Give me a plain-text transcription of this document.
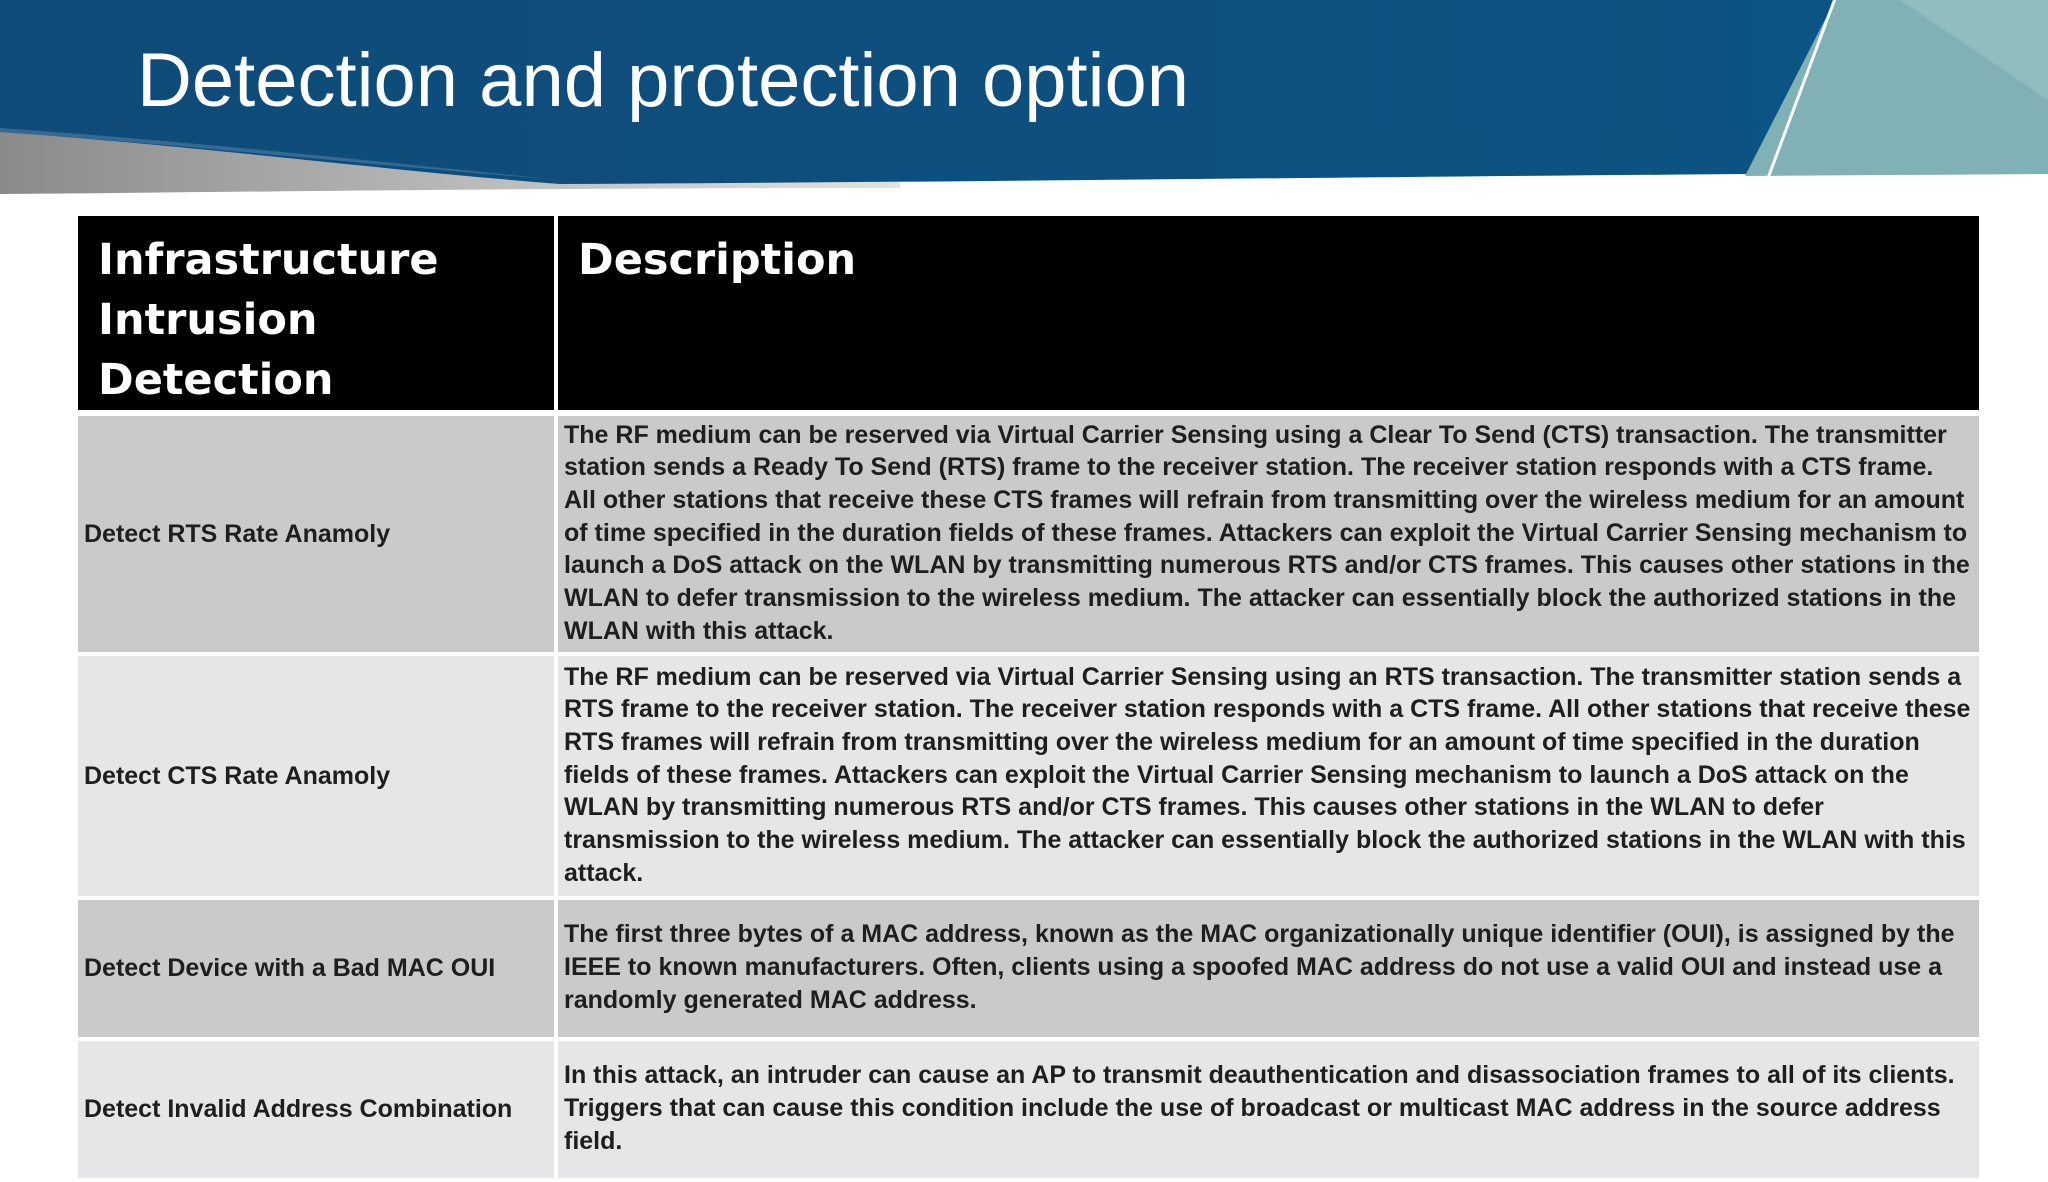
Detection and protection option
Infrastructure
Intrusion Detection	Description
Detect RTS Rate Anamoly	The RF medium can be reserved via Virtual Carrier Sensing using a Clear To Send (CTS) transaction. The transmitter station sends a Ready To Send (RTS) frame to the receiver station. The receiver station responds with a CTS frame. All other stations that receive these CTS frames will refrain from transmitting over the wireless medium for an amount of time specified in the duration fields of these frames. Attackers can exploit the Virtual Carrier Sensing mechanism to launch a DoS attack on the WLAN by transmitting numerous RTS and/or CTS frames. This causes other stations in the WLAN to defer transmission to the wireless medium. The attacker can essentially block the authorized stations in the WLAN with this attack.
Detect CTS Rate Anamoly	The RF medium can be reserved via Virtual Carrier Sensing using an RTS transaction. The transmitter station sends a RTS frame to the receiver station. The receiver station responds with a CTS frame. All other stations that receive these RTS frames will refrain from transmitting over the wireless medium for an amount of time specified in the duration fields of these frames. Attackers can exploit the Virtual Carrier Sensing mechanism to launch a DoS attack on the WLAN by transmitting numerous RTS and/or CTS frames. This causes other stations in the WLAN to defer transmission to the wireless medium. The attacker can essentially block the authorized stations in the WLAN with this attack.
Detect Device with a Bad MAC OUI	The first three bytes of a MAC address, known as the MAC organizationally unique identifier (OUI), is assigned by the IEEE to known manufacturers. Often, clients using a spoofed MAC address do not use a valid OUI and instead use a randomly generated MAC address.
Detect Invalid Address Combination	In this attack, an intruder can cause an AP to transmit deauthentication and disassociation frames to all of its clients. Triggers that can cause this condition include the use of broadcast or multicast MAC address in the source address field.
